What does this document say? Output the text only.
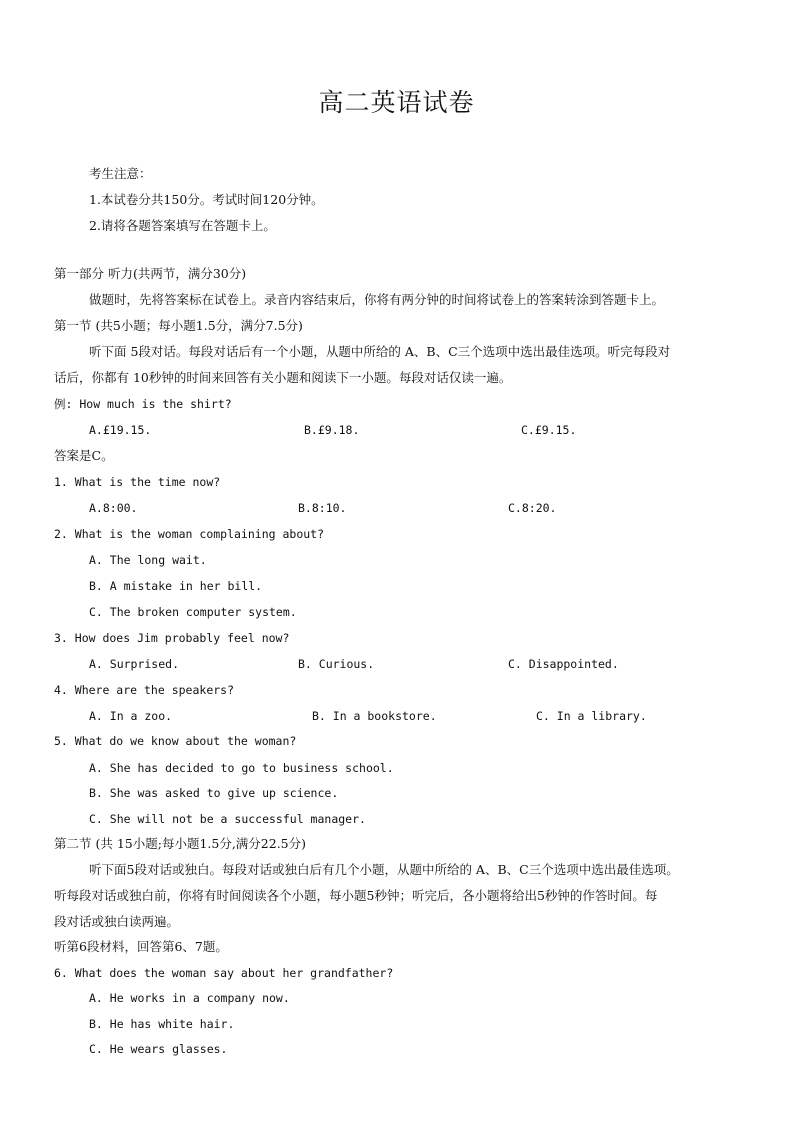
高二英语试卷
考生注意：
1.本试卷分共150分。考试时间120分钟。
2.请将各题答案填写在答题卡上。
第一部分 听力(共两节，满分30分)
做题时，先将答案标在试卷上。录音内容结束后，你将有两分钟的时间将试卷上的答案转涂到答题卡上。
第一节 (共5小题；每小题1.5分，满分7.5分)
听下面 5段对话。每段对话后有一个小题，从题中所给的 A、B、C三个选项中选出最佳选项。听完每段对
话后，你都有 10秒钟的时间来回答有关小题和阅读下一小题。每段对话仅读一遍。
例: How much is the shirt?
A.£19.15.	B.£9.18.	C.£9.15.
答案是C。
1. What is the time now?
A.8:00.	B.8:10.	C.8:20.
2. What is the woman complaining about?
A. The long wait.
B. A mistake in her bill.
C. The broken computer system.
3. How does Jim probably feel now?
A. Surprised.	B. Curious.	C. Disappointed.
4. Where are the speakers?
A. In a zoo.	B. In a bookstore.	C. In a library.
5. What do we know about the woman?
A. She has decided to go to business school.
B. She was asked to give up science.
C. She will not be a successful manager.
第二节 (共 15小题;每小题1.5分,满分22.5分)
听下面5段对话或独白。每段对话或独白后有几个小题，从题中所给的 A、B、C三个选项中选出最佳选项。
听每段对话或独白前，你将有时间阅读各个小题，每小题5秒钟；听完后，各小题将给出5秒钟的作答时间。每
段对话或独白读两遍。
听第6段材料，回答第6、7题。
6. What does the woman say about her grandfather?
A. He works in a company now.
B. He has white hair.
C. He wears glasses.
